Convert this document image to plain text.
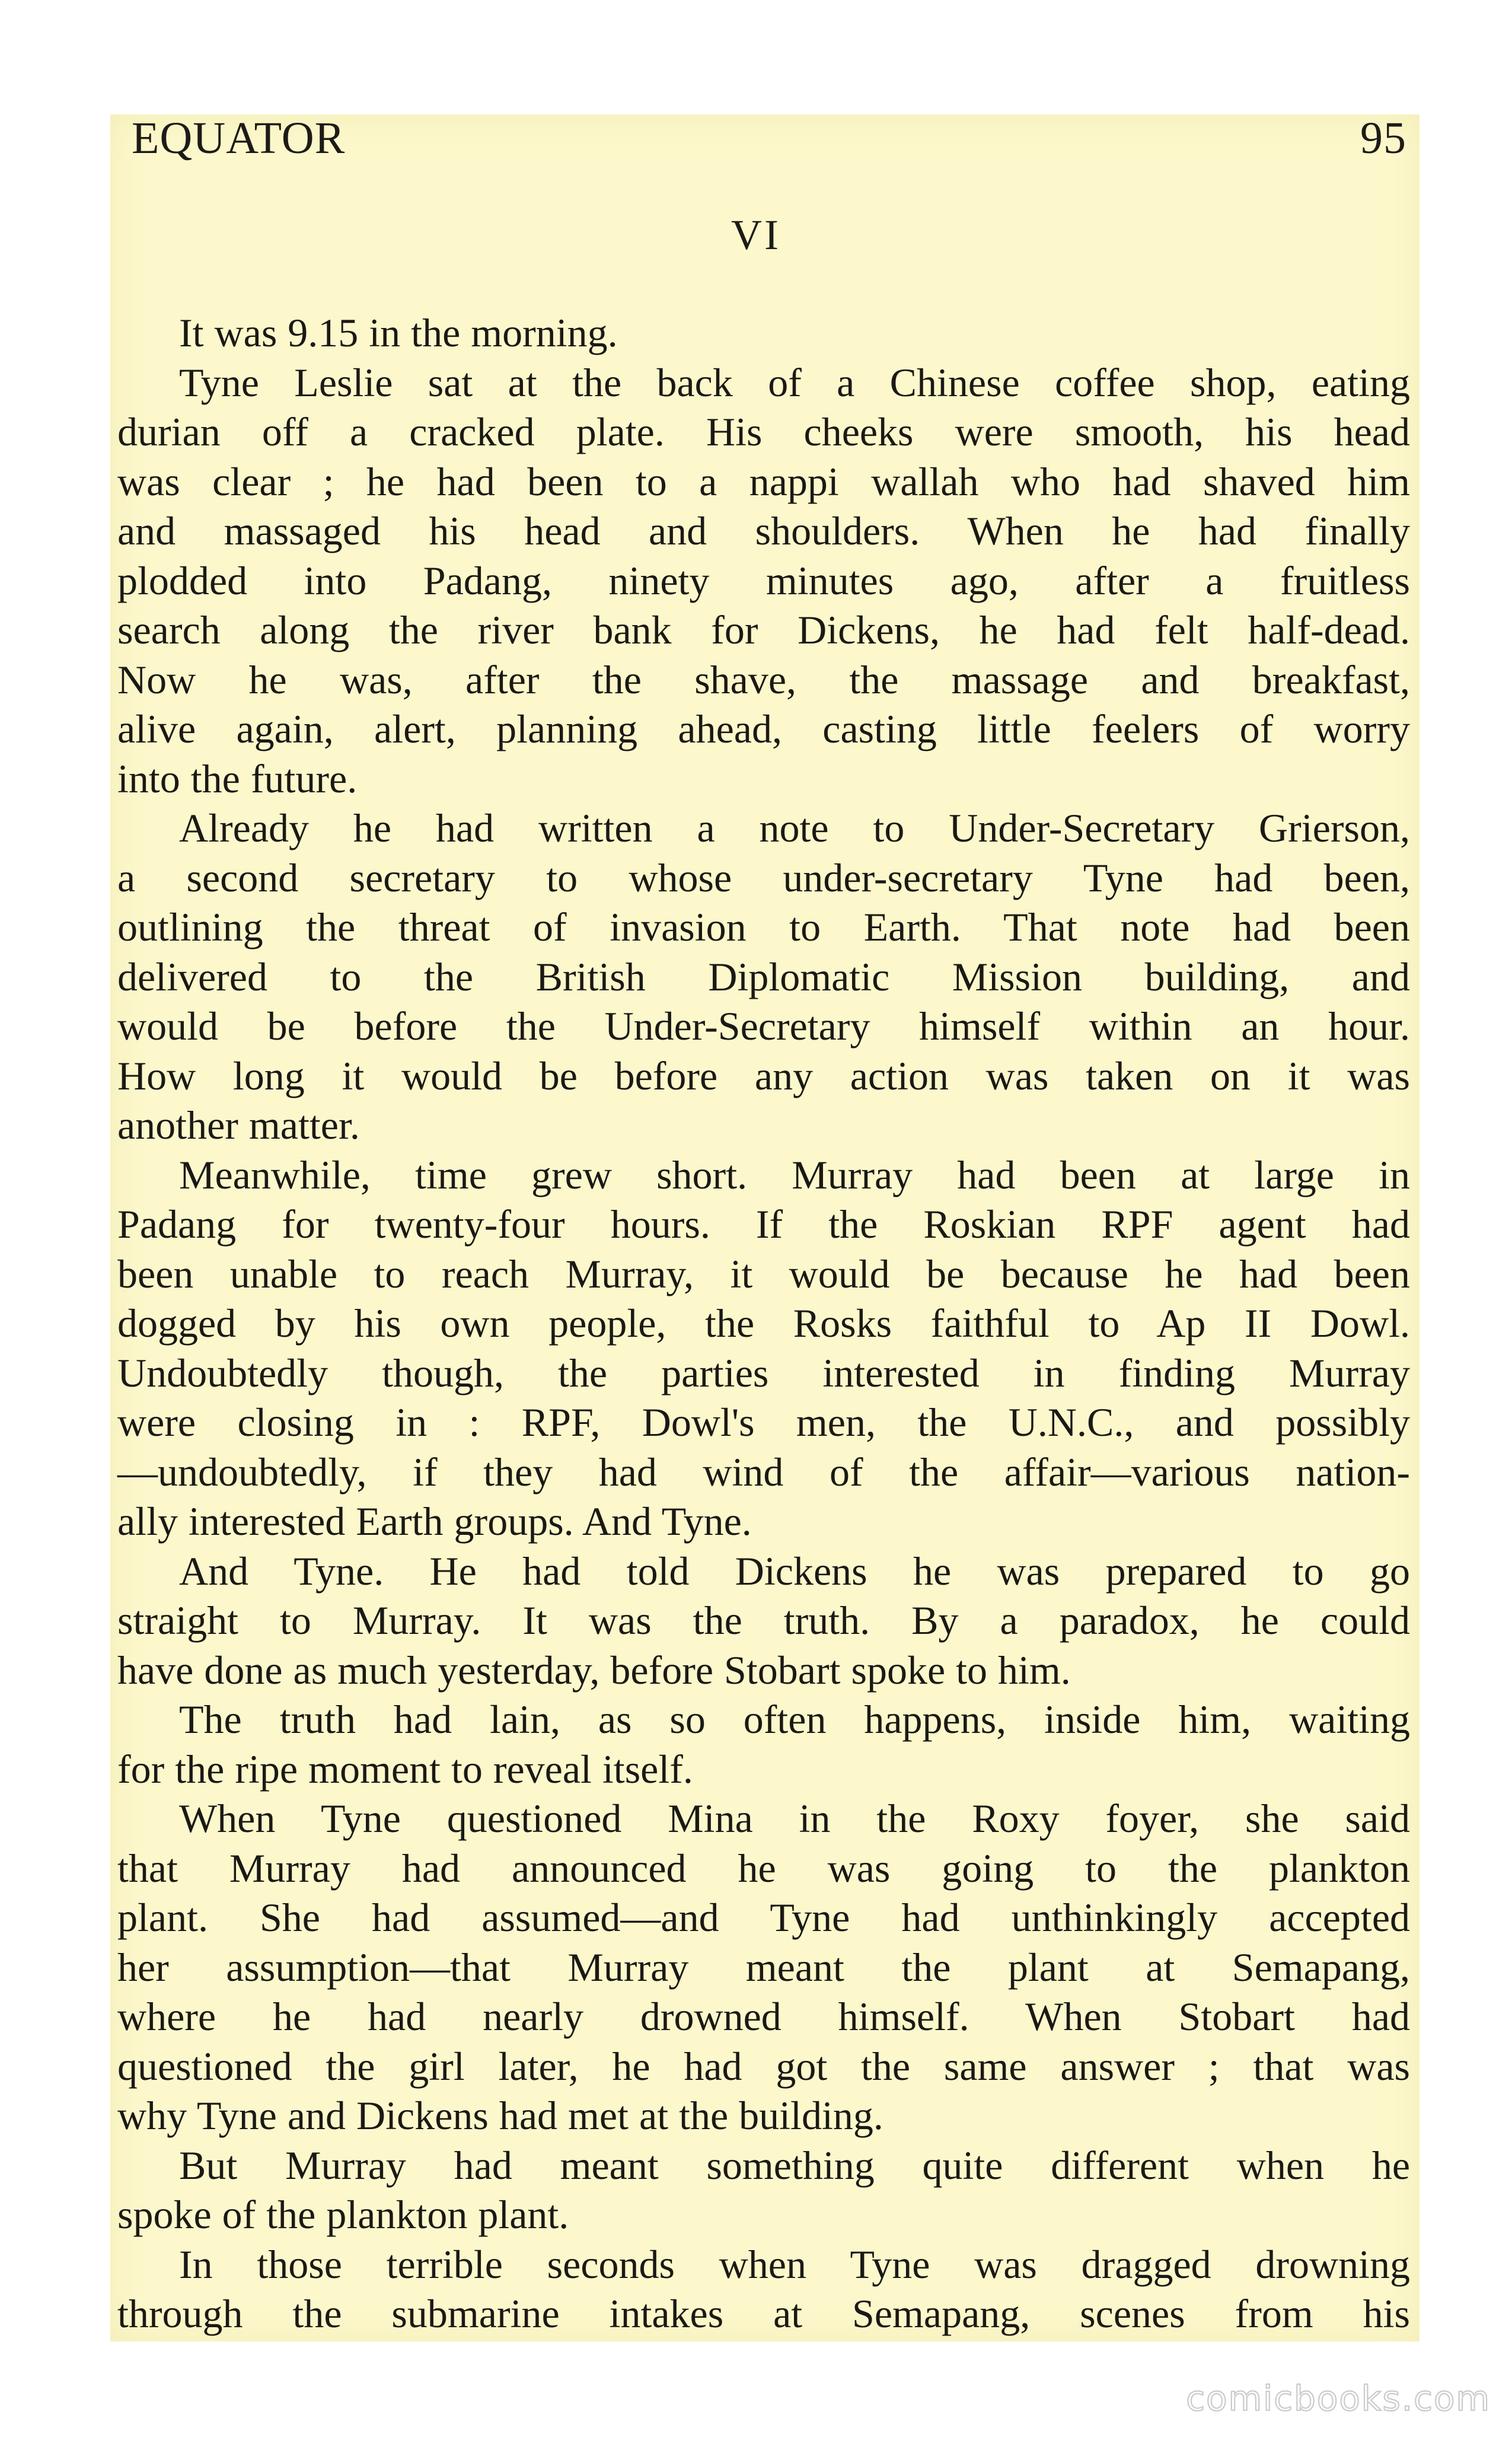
EQUATOR	95
VI
It was 9.15 in the morning.
Tyne Leslie sat at the back of a Chinese coffee shop, eating
durian off a cracked plate. His cheeks were smooth, his head
was clear ; he had been to a nappi wallah who had shaved him
and massaged his head and shoulders. When he had finally
plodded into Padang, ninety minutes ago, after a fruitless
search along the river bank for Dickens, he had felt half-dead.
Now he was, after the shave, the massage and breakfast,
alive again, alert, planning ahead, casting little feelers of worry
into the future.
Already he had written a note to Under-Secretary Grierson,
a second secretary to whose under-secretary Tyne had been,
outlining the threat of invasion to Earth. That note had been
delivered to the British Diplomatic Mission building, and
would be before the Under-Secretary himself within an hour.
How long it would be before any action was taken on it was
another matter.
Meanwhile, time grew short. Murray had been at large in
Padang for twenty-four hours. If the Roskian RPF agent had
been unable to reach Murray, it would be because he had been
dogged by his own people, the Rosks faithful to Ap II Dowl.
Undoubtedly though, the parties interested in finding Murray
were closing in : RPF, Dowl's men, the U.N.C., and possibly
—undoubtedly, if they had wind of the affair—various nation-
ally interested Earth groups. And Tyne.
And Tyne. He had told Dickens he was prepared to go
straight to Murray. It was the truth. By a paradox, he could
have done as much yesterday, before Stobart spoke to him.
The truth had lain, as so often happens, inside him, waiting
for the ripe moment to reveal itself.
When Tyne questioned Mina in the Roxy foyer, she said
that Murray had announced he was going to the plankton
plant. She had assumed—and Tyne had unthinkingly accepted
her assumption—that Murray meant the plant at Semapang,
where he had nearly drowned himself. When Stobart had
questioned the girl later, he had got the same answer ; that was
why Tyne and Dickens had met at the building.
But Murray had meant something quite different when he
spoke of the plankton plant.
In those terrible seconds when Tyne was dragged drowning
through the submarine intakes at Semapang, scenes from his
comicbooks.com
